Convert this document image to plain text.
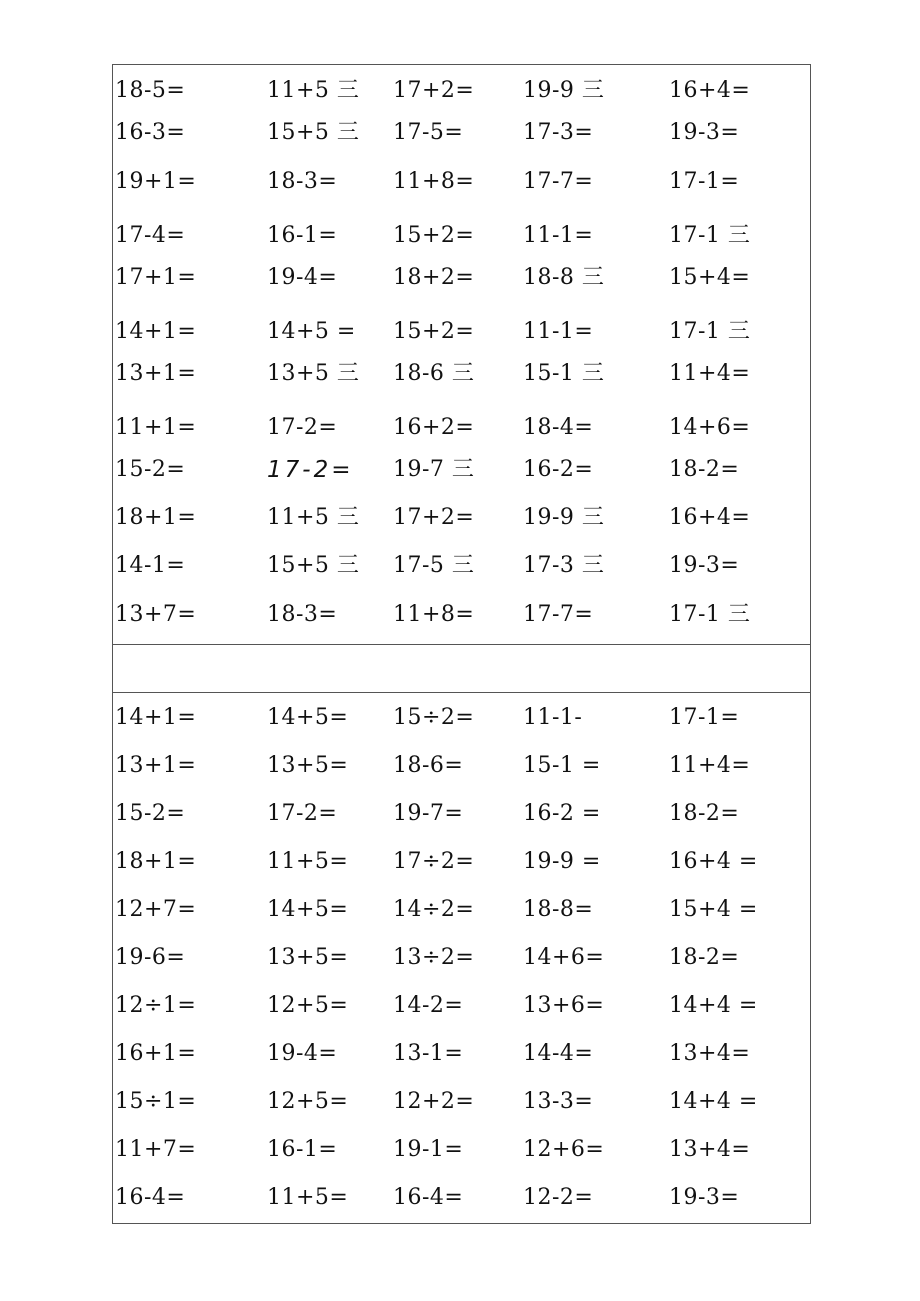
18-5=	11+5 三 17+2= 19-9 三	16+4=
16-3=	15+5 三 17-5=	17-3=	19-3=
19+1=	18-3=	11+8= 17-7=	17-1=
17-4=	16-1=	15+2= 11-1=	17-1 三
17+1=	19-4=	18+2= 18-8 三	15+4=
14+1=	14+5 = 15+2= 11-1=	17-1 三
13+1=	13+5 三 18-6 三 15-1 三	11+4=
11+1=	17-2=	16+2= 18-4=	14+6=
15-2=	17-2= 19-7 三 16-2=	18-2=
18+1=	11+5 三 17+2= 19-9 三	16+4=
14-1=	15+5 三 17-5 三 17-3 三	19-3=
13+7=	18-3=	11+8= 17-7=	17-1 三
14+1=	14+5= 15÷2= 11-1-	17-1=
13+1=	13+5= 18-6=	15-1 =	11+4=
15-2=	17-2=	19-7=	16-2 =	18-2=
18+1=	11+5= 17÷2= 19-9 =	16+4 =
12+7=	14+5= 14÷2= 18-8=	15+4 =
19-6=	13+5= 13÷2= 14+6=	18-2=
12÷1=	12+5= 14-2=	13+6=	14+4 =
16+1=	19-4=	13-1=	14-4=	13+4=
15÷1=	12+5= 12+2= 13-3=	14+4 =
11+7=	16-1=	19-1=	12+6=	13+4=
16-4=	11+5= 16-4=	12-2=	19-3=
